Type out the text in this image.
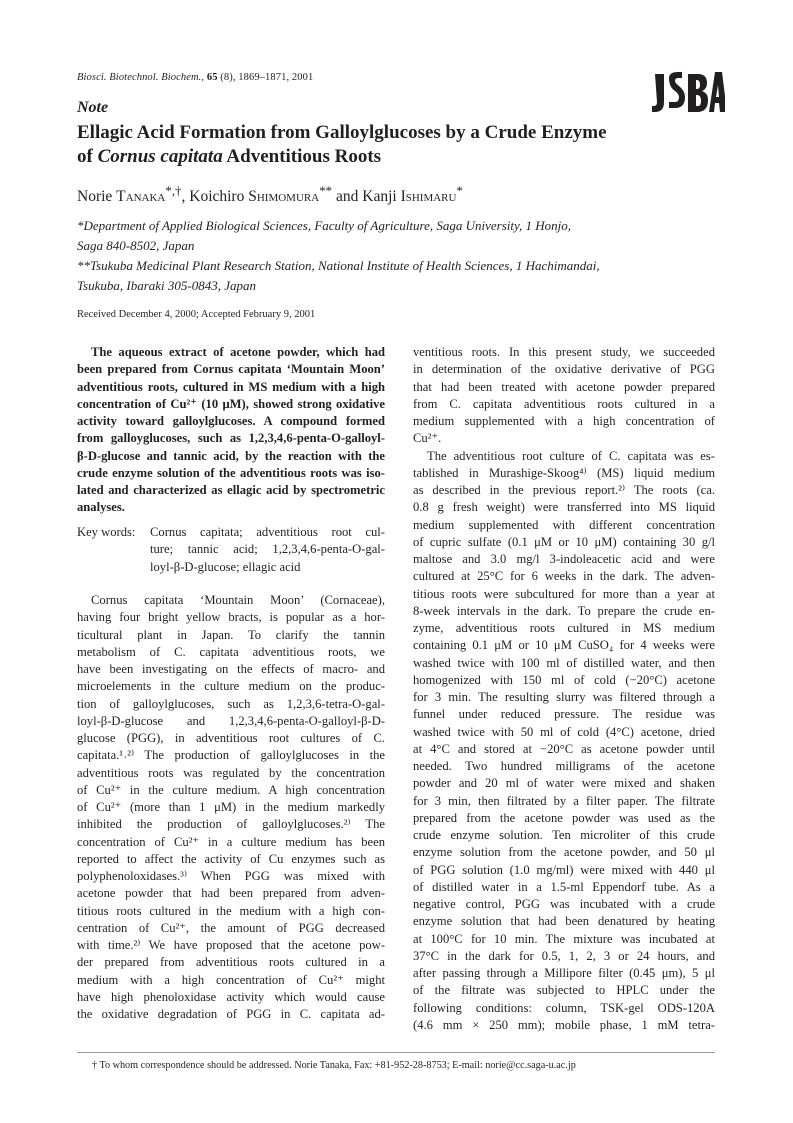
Biosci. Biotechnol. Biochem., 65 (8), 1869–1871, 2001
Note
Ellagic Acid Formation from Galloylglucoses by a Crude Enzyme
of Cornus capitata Adventitious Roots
Norie Tanaka*,†, Koichiro Shimomura** and Kanji Ishimaru*
*Department of Applied Biological Sciences, Faculty of Agriculture, Saga University, 1 Honjo,
Saga 840-8502, Japan
**Tsukuba Medicinal Plant Research Station, National Institute of Health Sciences, 1 Hachimandai,
Tsukuba, Ibaraki 305-0843, Japan
Received December 4, 2000; Accepted February 9, 2001
The aqueous extract of acetone powder, which had
been prepared from Cornus capitata ‘Mountain Moon’
adventitious roots, cultured in MS medium with a high
concentration of Cu²⁺ (10 μM), showed strong oxidative
activity toward galloylglucoses. A compound formed
from galloyglucoses, such as 1,2,3,4,6-penta-O-galloyl-
β-D-glucose and tannic acid, by the reaction with the
crude enzyme solution of the adventitious roots was iso-
lated and characterized as ellagic acid by spectrometric
analyses.
Key words:	Cornus capitata; adventitious root cul-
ture; tannic acid; 1,2,3,4,6-penta-O-gal-
loyl-β-D-glucose; ellagic acid
Cornus capitata ‘Mountain Moon’ (Cornaceae),
having four bright yellow bracts, is popular as a hor-
ticultural plant in Japan. To clarify the tannin
metabolism of C. capitata adventitious roots, we
have been investigating on the effects of macro- and
microelements in the culture medium on the produc-
tion of galloylglucoses, such as 1,2,3,6-tetra-O-gal-
loyl-β-D-glucose and 1,2,3,4,6-penta-O-galloyl-β-D-
glucose (PGG), in adventitious root cultures of C.
capitata.¹˒²⁾ The production of galloylglucoses in the
adventitious roots was regulated by the concentration
of Cu²⁺ in the culture medium. A high concentration
of Cu²⁺ (more than 1 μM) in the medium markedly
inhibited the production of galloylglucoses.²⁾ The
concentration of Cu²⁺ in a culture medium has been
reported to affect the activity of Cu enzymes such as
polyphenoloxidases.³⁾ When PGG was mixed with
acetone powder that had been prepared from adven-
titious roots cultured in the medium with a high con-
centration of Cu²⁺, the amount of PGG decreased
with time.²⁾ We have proposed that the acetone pow-
der prepared from adventitious roots cultured in a
medium with a high concentration of Cu²⁺ might
have high phenoloxidase activity which would cause
the oxidative degradation of PGG in C. capitata ad-
ventitious roots. In this present study, we succeeded
in determination of the oxidative derivative of PGG
that had been treated with acetone powder prepared
from C. capitata adventitious roots cultured in a
medium supplemented with a high concentration of
Cu²⁺.
The adventitious root culture of C. capitata was es-
tablished in Murashige-Skoog⁴⁾ (MS) liquid medium
as described in the previous report.²⁾ The roots (ca.
0.8 g fresh weight) were transferred into MS liquid
medium supplemented with different concentration
of cupric sulfate (0.1 μM or 10 μM) containing 30 g/l
maltose and 3.0 mg/l 3-indoleacetic acid and were
cultured at 25°C for 6 weeks in the dark. The adven-
titious roots were subcultured for more than a year at
8-week intervals in the dark. To prepare the crude en-
zyme, adventitious roots cultured in MS medium
containing 0.1 μM or 10 μM CuSO₄ for 4 weeks were
washed twice with 100 ml of distilled water, and then
homogenized with 150 ml of cold (−20°C) acetone
for 3 min. The resulting slurry was filtered through a
funnel under reduced pressure. The residue was
washed twice with 50 ml of cold (4°C) acetone, dried
at 4°C and stored at −20°C as acetone powder until
needed. Two hundred milligrams of the acetone
powder and 20 ml of water were mixed and shaken
for 3 min, then filtrated by a filter paper. The filtrate
prepared from the acetone powder was used as the
crude enzyme solution. Ten microliter of this crude
enzyme solution from the acetone powder, and 50 μl
of PGG solution (1.0 mg/ml) were mixed with 440 μl
of distilled water in a 1.5-ml Eppendorf tube. As a
negative control, PGG was incubated with a crude
enzyme solution that had been denatured by heating
at 100°C for 10 min. The mixture was incubated at
37°C in the dark for 0.5, 1, 2, 3 or 24 hours, and
after passing through a Millipore filter (0.45 μm), 5 μl
of the filtrate was subjected to HPLC under the
following conditions: column, TSK-gel ODS-120A
(4.6 mm × 250 mm); mobile phase, 1 mM tetra-
† To whom correspondence should be addressed. Norie Tanaka, Fax: +81-952-28-8753; E-mail: norie@cc.saga-u.ac.jp
